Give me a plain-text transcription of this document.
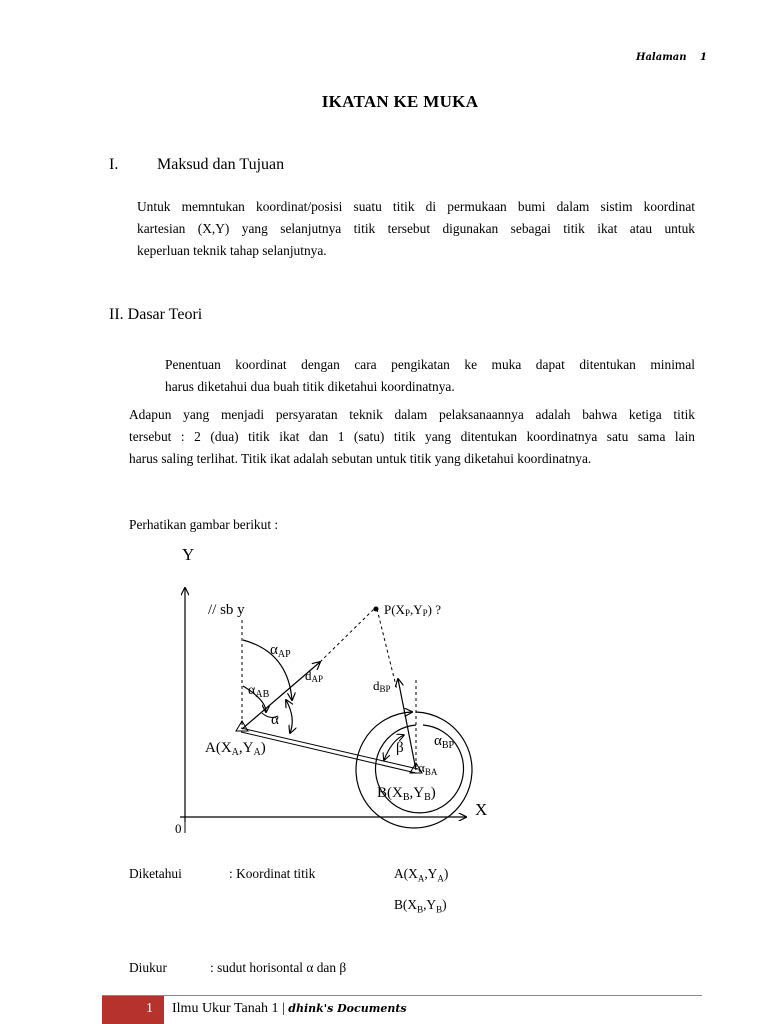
Halaman 1
IKATAN KE MUKA
I. Maksud dan Tujuan

Untuk memntukan koordinat/posisi suatu titik di permukaan bumi dalam sistim koordinat

kartesian (X,Y) yang selanjutnya titik tersebut digunakan sebagai titik ikat atau untuk

keperluan teknik tahap selanjutnya.

II. Dasar Teori

Penentuan koordinat dengan cara pengikatan ke muka dapat ditentukan minimal

harus diketahui dua buah titik diketahui koordinatnya.

Adapun yang menjadi persyaratan teknik dalam pelaksanaannya adalah bahwa ketiga titik

tersebut : 2 (dua) titik ikat dan 1 (satu) titik yang ditentukan koordinatnya satu sama lain

harus saling terlihat. Titik ikat adalah sebutan untuk titik yang diketahui koordinatnya.

Perhatikan gambar berikut :
Y
X
0
// sb y	P(XP,YP) ?
$A(X_A,Y_A)$
$B(X_B,Y_B)$
$\alpha_{AP}$
$\alpha_{AB}$
α
dAP	dBP
β $\alpha_{BP}$
$\alpha_{BA}$
Diketahui	: Koordinat titik	$A(X_A,Y_A)$
$B(X_B,Y_B)$
Diukur	: sudut horisontal α dan β
1 Ilmu Ukur Tanah 1 | dhink's Documents
